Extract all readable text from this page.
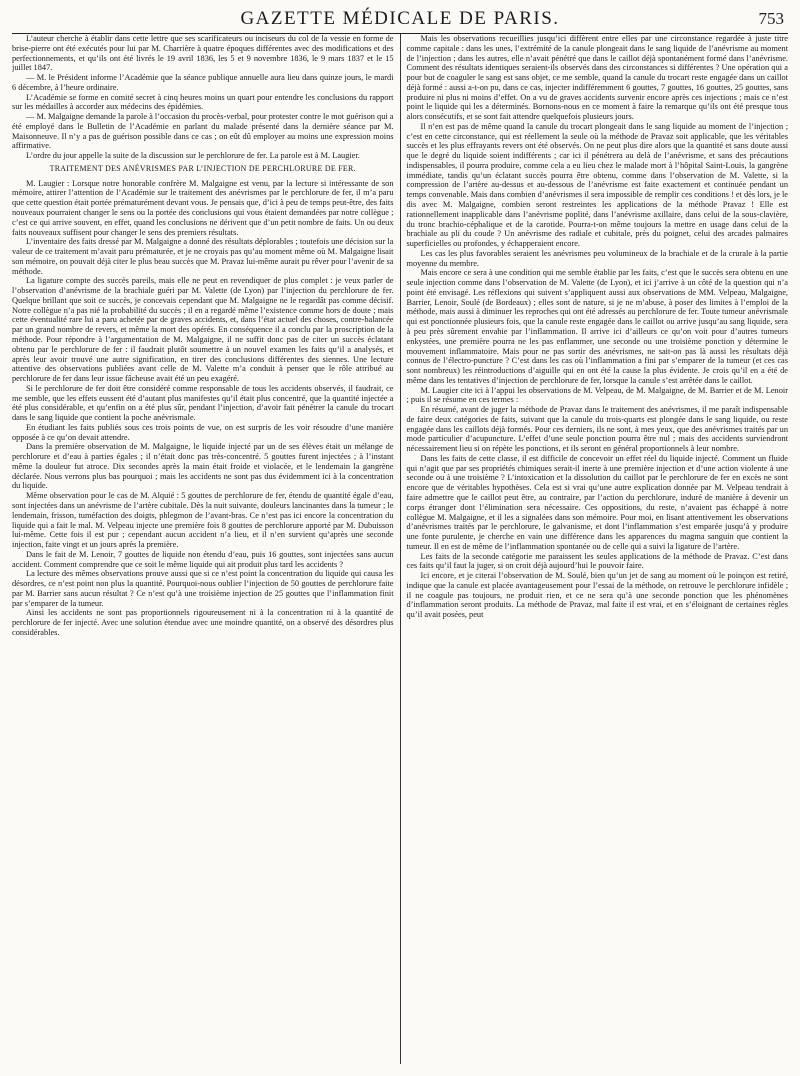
GAZETTE MÉDICALE DE PARIS.	753

L’auteur cherche à établir dans cette lettre que ses scarificateurs ou inciseurs du col de la vessie en forme de brise-pierre ont été exécutés pour lui par M. Charrière à quatre époques différentes avec des modifications et des perfectionnements, et qu’ils ont été livrés le 19 avril 1836, les 5 et 9 novembre 1836, le 9 mars 1837 et le 15 juillet 1847.

— M. le Président informe l’Académie que la séance publique annuelle aura lieu dans quinze jours, le mardi 6 décembre, à l’heure ordinaire.

L’Académie se forme en comité secret à cinq heures moins un quart pour entendre les conclusions du rapport sur les médailles à accorder aux médecins des épidémies.

— M. Malgaigne demande la parole à l’occasion du procès-verbal, pour protester contre le mot guérison qui a été employé dans le Bulletin de l’Académie en parlant du malade présenté dans la dernière séance par M. Maisonneuve. Il n’y a pas de guérison possible dans ce cas ; on eût dû employer au moins une expression moins affirmative.

L’ordre du jour appelle la suite de la discussion sur le perchlorure de fer. La parole est à M. Laugier.

TRAITEMENT DES ANÉVRISMES PAR L’INJECTION DE PERCHLORURE DE FER.

M. Laugier : Lorsque notre honorable confrère M. Malgaigne est venu, par la lecture si intéressante de son mémoire, attirer l’attention de l’Académie sur le traitement des anévrismes par le perchlorure de fer, il m’a paru que cette question était portée prématurément devant vous. Je pensais que, d’ici à peu de temps peut-être, des faits nouveaux pourraient changer le sens ou la portée des conclusions qui vous étaient demandées par notre collègue ; c’est ce qui arrive souvent, en effet, quand les conclusions ne dérivent que d’un petit nombre de faits. Un ou deux faits nouveaux suffisent pour changer le sens des premiers résultats.

L’inventaire des faits dressé par M. Malgaigne a donné des résultats déplorables ; toutefois une décision sur la valeur de ce traitement m’avait paru prématurée, et je ne croyais pas qu’au moment même où M. Malgaigne lisait son mémoire, on pouvait déjà citer le plus beau succès que M. Pravaz lui-même aurait pu rêver pour l’avenir de sa méthode.

La ligature compte des succès pareils, mais elle ne peut en revendiquer de plus complet : je veux parler de l’observation d’anévrisme de la brachiale guéri par M. Valette (de Lyon) par l’injection du perchlorure de fer. Quelque brillant que soit ce succès, je concevais cependant que M. Malgaigne ne le regardât pas comme décisif. Notre collègue n’a pas nié la probabilité du succès ; il en a regardé même l’existence comme hors de doute ; mais cette éventualité rare lui a paru achetée par de graves accidents, et, dans l’état actuel des choses, contre-balancée par un grand nombre de revers, et même la mort des opérés. En conséquence il a conclu par la proscription de la méthode. Pour répondre à l’argumentation de M. Malgaigne, il ne suffit donc pas de citer un succès éclatant obtenu par le perchlorure de fer : il faudrait plutôt soumettre à un nouvel examen les faits qu’il a analysés, et après leur avoir trouvé une autre signification, en tirer des conclusions différentes des siennes. Une lecture attentive des observations publiées avant celle de M. Valette m’a conduit à penser que le rôle attribué au perchlorure de fer dans leur issue fâcheuse avait été un peu exagéré.

Si le perchlorure de fer doit être considéré comme responsable de tous les accidents observés, il faudrait, ce me semble, que les effets eussent été d’autant plus manifestes qu’il était plus concentré, que la quantité injectée a été plus considérable, et qu’enfin on a été plus sûr, pendant l’injection, d’avoir fait pénétrer la canule du trocart dans le sang liquide que contient la poche anévrismale.

En étudiant les faits publiés sous ces trois points de vue, on est surpris de les voir résoudre d’une manière opposée à ce qu’on devait attendre.

Dans la première observation de M. Malgaigne, le liquide injecté par un de ses élèves était un mélange de perchlorure et d’eau à parties égales ; il n’était donc pas très-concentré. 5 gouttes furent injectées ; à l’instant même la douleur fut atroce. Dix secondes après la main était froide et violacée, et le lendemain la gangrène déclarée. Nous verrons plus bas pourquoi ; mais les accidents ne sont pas dus évidemment ici à la concentration du liquide.

Même observation pour le cas de M. Alquié : 5 gouttes de perchlorure de fer, étendu de quantité égale d’eau, sont injectées dans un anévrisme de l’artère cubitale. Dès la nuit suivante, douleurs lancinantes dans la tumeur ; le lendemain, frisson, tuméfaction des doigts, phlegmon de l’avant-bras. Ce n’est pas ici encore la concentration du liquide qui a fait le mal. M. Velpeau injecte une première fois 8 gouttes de perchlorure apporté par M. Dubuisson lui-même. Cette fois il est pur ; cependant aucun accident n’a lieu, et il n’en survient qu’après une seconde injection, faite vingt et un jours après la première.

Dans le fait de M. Lenoir, 7 gouttes de liquide non étendu d’eau, puis 16 gouttes, sont injectées sans aucun accident. Comment comprendre que ce soit le même liquide qui ait produit plus tard les accidents ?

La lecture des mêmes observations prouve aussi que si ce n’est point la concentration du liquide qui causa les désordres, ce n’est point non plus la quantité. Pourquoi-nous oublier l’injection de 50 gouttes de perchlorure faite par M. Barrier sans aucun résultat ? Ce n’est qu’à une troisième injection de 25 gouttes que l’inflammation finit par s’emparer de la tumeur.

Ainsi les accidents ne sont pas proportionnels rigoureusement ni à la concentration ni à la quantité de perchlorure de fer injecté. Avec une solution étendue avec une moindre quantité, on a observé des désordres plus considérables.

Mais les observations recueillies jusqu’ici diffèrent entre elles par une circonstance regardée à juste titre comme capitale : dans les unes, l’extrémité de la canule plongeait dans le sang liquide de l’anévrisme au moment de l’injection ; dans les autres, elle n’avait pénétré que dans le caillot déjà spontanément formé dans l’anévrisme. Comment des résultats identiques seraient-ils observés dans des circonstances si différentes ? Une opération qui a pour but de coaguler le sang est sans objet, ce me semble, quand la canule du trocart reste engagée dans un caillot déjà formé : aussi a-t-on pu, dans ce cas, injecter indifféremment 6 gouttes, 7 gouttes, 16 gouttes, 25 gouttes, sans produire ni plus ni moins d’effet. On a vu de graves accidents survenir encore après ces injections ; mais ce n’est point le liquide qui les a déterminés. Bornons-nous en ce moment à faire la remarque qu’ils ont été presque tous alors consécutifs, et se sont fait attendre quelquefois plusieurs jours.

Il n’en est pas de même quand la canule du trocart plongeait dans le sang liquide au moment de l’injection ; c’est en cette circonstance, qui est réellement la seule où la méthode de Pravaz soit applicable, que les véritables succès et les plus effrayants revers ont été observés. On ne peut plus dire alors que la quantité et sans doute aussi que le degré du liquide soient indifférents ; car ici il pénétrera au delà de l’anévrisme, et sans des précautions indispensables, il pourra produire, comme cela a eu lieu chez le malade mort à l’hôpital Saint-Louis, la gangrène immédiate, tandis qu’un éclatant succès pourra être obtenu, comme dans l’observation de M. Valette, si la compression de l’artère au-dessus et au-dessous de l’anévrisme est faite exactement et continuée pendant un temps convenable. Mais dans combien d’anévrismes il sera impossible de remplir ces conditions ! et dès lors, je le dis avec M. Malgaigne, combien seront restreintes les applications de la méthode Pravaz ! Elle est rationnellement inapplicable dans l’anévrisme poplité, dans l’anévrisme axillaire, dans celui de la sous-clavière, du tronc brachio-céphalique et de la carotide. Pourra-t-on même toujours la mettre en usage dans celui de la brachiale au pli du coude ? Un anévrisme des radiale et cubitale, près du poignet, celui des arcades palmaires superficielles ou profondes, y échapperaient encore.

Les cas les plus favorables seraient les anévrismes peu volumineux de la brachiale et de la crurale à la partie moyenne du membre.

Mais encore ce sera à une condition qui me semble établie par les faits, c’est que le succès sera obtenu en une seule injection comme dans l’observation de M. Valette (de Lyon), et ici j’arrive à un côté de la question qui n’a point été envisagé. Les réflexions qui suivent s’appliquent aussi aux observations de MM. Velpeau, Malgaigne, Barrier, Lenoir, Soulé (de Bordeaux) ; elles sont de nature, si je ne m’abuse, à poser des limites à l’emploi de la méthode, mais aussi à diminuer les reproches qui ont été adressés au perchlorure de fer. Toute tumeur anévrismale qui est ponctionnée plusieurs fois, que la canule reste engagée dans le caillot ou arrive jusqu’au sang liquide, sera à peu près sûrement envahie par l’inflammation. Il arrive ici d’ailleurs ce qu’on voit pour d’autres tumeurs enkystées, une première pourra ne les pas enflammer, une seconde ou une troisième ponction y détermine le mouvement inflammatoire. Mais pour ne pas sortir des anévrismes, ne sait-on pas là aussi les résultats déjà connus de l’électro-puncture ? C’est dans les cas où l’inflammation a fini par s’emparer de la tumeur (et ces cas sont nombreux) les réintroductions d’aiguille qui en ont été la cause la plus évidente. Je crois qu’il en a été de même dans les tentatives d’injection de perchlorure de fer, lorsque la canule s’est arrêtée dans le caillot.

M. Laugier cite ici à l’appui les observations de M. Velpeau, de M. Malgaigne, de M. Barrier et de M. Lenoir ; puis il se résume en ces termes :

En résumé, avant de juger la méthode de Pravaz dans le traitement des anévrismes, il me paraît indispensable de faire deux catégories de faits, suivant que la canule du trois-quarts est plongée dans le sang liquide, ou reste engagée dans les caillots déjà formés. Pour ces derniers, ils ne sont, à mes yeux, que des anévrismes traités par un mode particulier d’acupuncture. L’effet d’une seule ponction pourra être nul ; mais des accidents surviendront nécessairement lieu si on répète les ponctions, et ils seront en général proportionnels à leur nombre.

Dans les faits de cette classe, il est difficile de concevoir un effet réel du liquide injecté. Comment un fluide qui n’agit que par ses propriétés chimiques serait-il inerte à une première injection et d’une action violente à une seconde ou à une troisième ? L’intoxication et la dissolution du caillot par le perchlorure de fer en excès ne sont encore que de véritables hypothèses. Cela est si vrai qu’une autre explication donnée par M. Velpeau tendrait à faire admettre que le caillot peut être, au contraire, par l’action du perchlorure, induré de manière à devenir un corps étranger dont l’élimination sera nécessaire. Ces oppositions, du reste, n’avaient pas échappé à notre collègue M. Malgaigne, et il les a signalées dans son mémoire. Pour moi, en lisant attentivement les observations d’anévrismes traités par le perchlorure, le galvanisme, et dont l’inflammation s’est emparée jusqu’à y produire une fonte purulente, je cherche en vain une différence dans les apparences du magma sanguin que contient la tumeur. Il en est de même de l’inflammation spontanée ou de celle qui a suivi la ligature de l’artère.

Les faits de la seconde catégorie me paraissent les seules applications de la méthode de Pravaz. C’est dans ces faits qu’il faut la juger, si on croit déjà aujourd’hui le pouvoir faire.

Ici encore, et je citerai l’observation de M. Soulé, bien qu’un jet de sang au moment où le poinçon est retiré, indique que la canule est placée avantageusement pour l’essai de la méthode, on retrouve le perchlorure infidèle ; il ne coagule pas toujours, ne produit rien, et ce ne sera qu’à une seconde ponction que les phénomènes d’inflammation seront produits. La méthode de Pravaz, mal faite il est vrai, et en s’éloignant de certaines règles qu’il avait posées, peut
